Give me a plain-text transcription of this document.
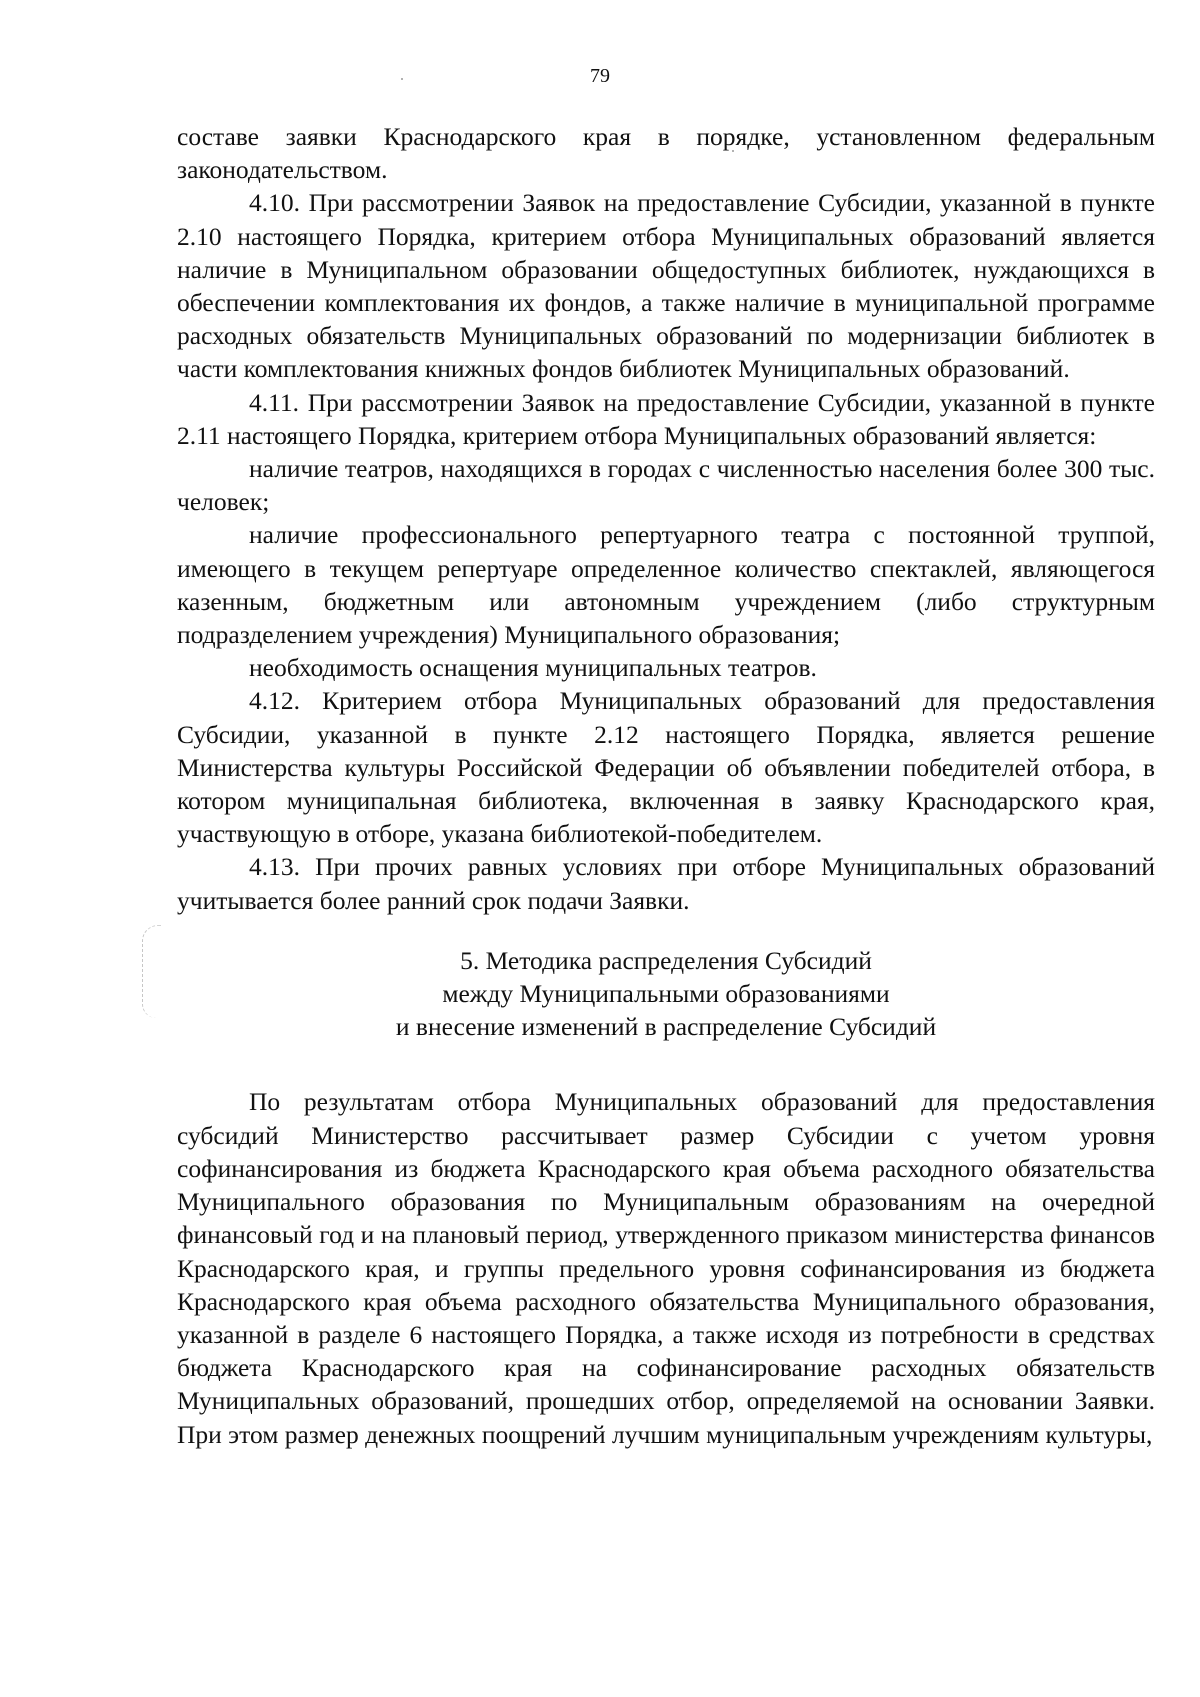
79

составе заявки Краснодарского края в порядке, установленном федеральным законодательством.

4.10. При рассмотрении Заявок на предоставление Субсидии, указанной в пункте 2.10 настоящего Порядка, критерием отбора Муниципальных образований является наличие в Муниципальном образовании общедоступных библиотек, нуждающихся в обеспечении комплектования их фондов, а также наличие в муниципальной программе расходных обязательств Муниципальных образований по модернизации библиотек в части комплектования книжных фондов библиотек Муниципальных образований.

4.11. При рассмотрении Заявок на предоставление Субсидии, указанной в пункте 2.11 настоящего Порядка, критерием отбора Муниципальных образований является:

наличие театров, находящихся в городах с численностью населения более 300 тыс. человек;

наличие профессионального репертуарного театра с постоянной труппой, имеющего в текущем репертуаре определенное количество спектаклей, являющегося казенным, бюджетным или автономным учреждением (либо структурным подразделением учреждения) Муниципального образования;

необходимость оснащения муниципальных театров.

4.12. Критерием отбора Муниципальных образований для предоставления Субсидии, указанной в пункте 2.12 настоящего Порядка, является решение Министерства культуры Российской Федерации об объявлении победителей отбора, в котором муниципальная библиотека, включенная в заявку Краснодарского края, участвующую в отборе, указана библиотекой-победителем.

4.13. При прочих равных условиях при отборе Муниципальных образований учитывается более ранний срок подачи Заявки.

5. Методика распределения Субсидий
между Муниципальными образованиями
и внесение изменений в распределение Субсидий

По результатам отбора Муниципальных образований для предоставления субсидий Министерство рассчитывает размер Субсидии с учетом уровня софинансирования из бюджета Краснодарского края объема расходного обязательства Муниципального образования по Муниципальным образованиям на очередной финансовый год и на плановый период, утвержденного приказом министерства финансов Краснодарского края, и группы предельного уровня софинансирования из бюджета Краснодарского края объема расходного обязательства Муниципального образования, указанной в разделе 6 настоящего Порядка, а также исходя из потребности в средствах бюджета Краснодарского края на софинансирование расходных обязательств Муниципальных образований, прошедших отбор, определяемой на основании Заявки. При этом размер денежных поощрений лучшим муниципальным учреждениям культуры,
